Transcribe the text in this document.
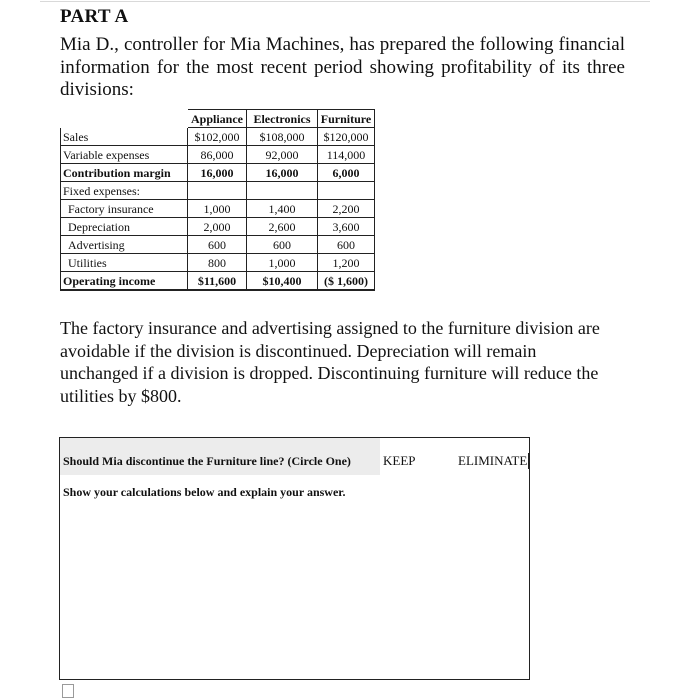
PART A
Mia D., controller for Mia Machines, has prepared the following financial information for the most recent period showing profitability of its three divisions:
	Appliance	Electronics	Furniture
Sales	$102,000	$108,000	$120,000
Variable expenses	86,000	92,000	114,000
Contribution margin	16,000	16,000	6,000
Fixed expenses:			
Factory insurance	1,000	1,400	2,200
Depreciation	2,000	2,600	3,600
Advertising	600	600	600
Utilities	800	1,000	1,200
Operating income	$11,600	$10,400	($ 1,600)
The factory insurance and advertising assigned to the furniture division are avoidable if the division is discontinued. Depreciation will remain unchanged if a division is dropped. Discontinuing furniture will reduce the utilities by $800.
Should Mia discontinue the Furniture line? (Circle One) KEEP	ELIMINATE
Show your calculations below and explain your answer.
